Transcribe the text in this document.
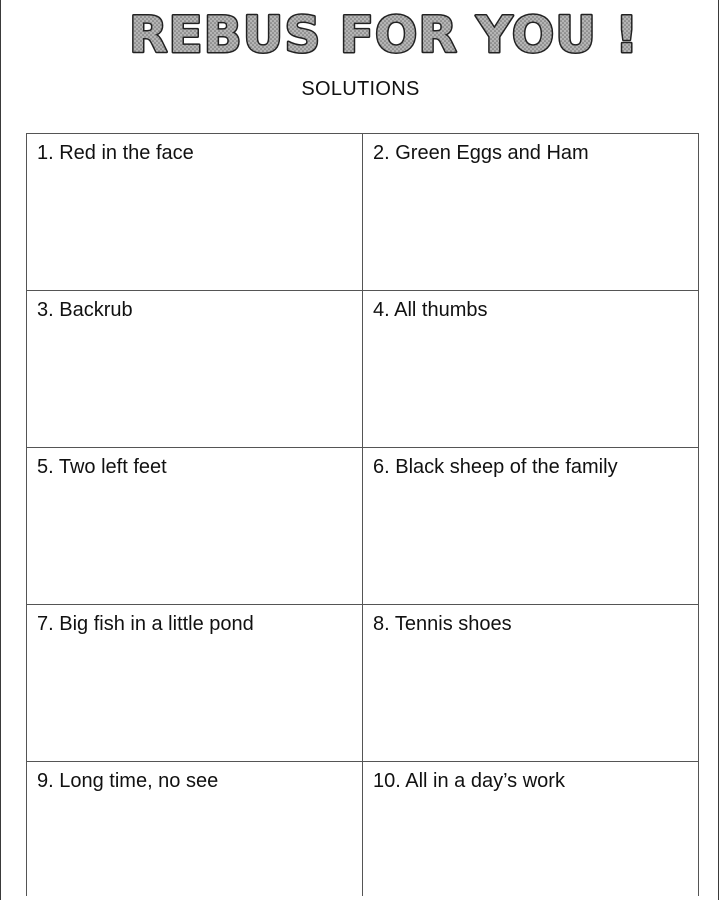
REBUS FOR YOU !
SOLUTIONS
1. Red in the face	2. Green Eggs and Ham
3. Backrub	4. All thumbs
5. Two left feet	6. Black sheep of the family
7. Big fish in a little pond	8. Tennis shoes
9. Long time, no see	10. All in a day’s work
